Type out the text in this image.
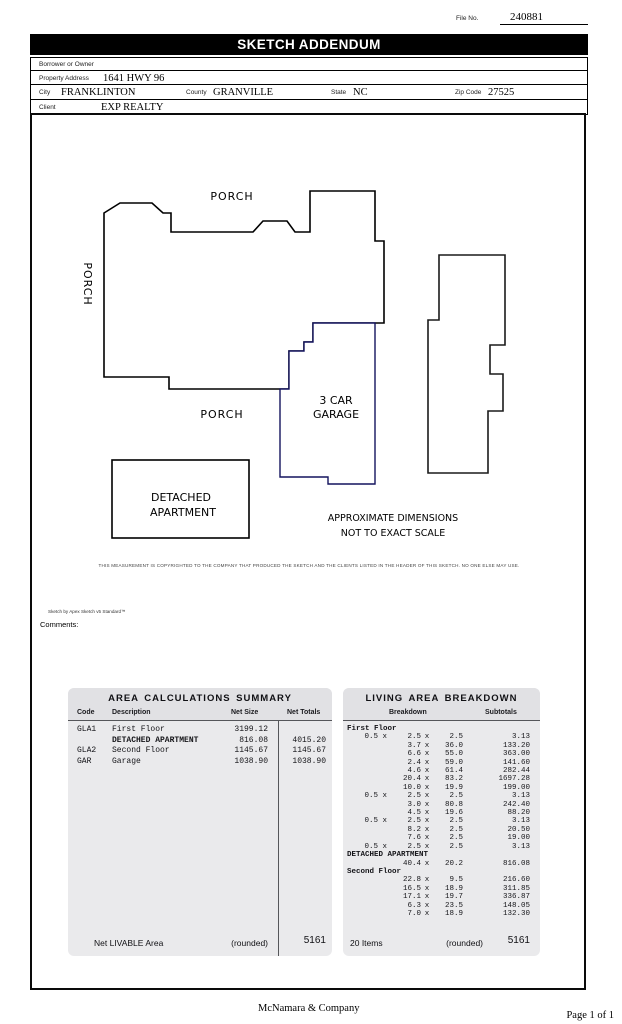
File No.	240881
SKETCH ADDENDUM
Borrower or Owner
Property Address 1641 HWY 96
City FRANKLINTON	County GRANVILLE	State NC	Zip Code 27525
Client	EXP REALTY
PORCH
PORCH
PORCH
3 CAR
GARAGE
DETACHED
APARTMENT	APPROXIMATE DIMENSIONS
NOT TO EXACT SCALE
THIS MEASUREMENT IS COPYRIGHTED TO THE COMPANY THAT PRODUCED THE SKETCH AND THE CLIENTS LISTED IN THE HEADER OF THIS SKETCH. NO ONE ELSE MAY USE.
Sketch by Apex Sketch v5 Standard™
Comments:
AREA CALCULATIONS SUMMARY
Code	Description	Net Size	Net Totals
GLA1	First Floor	3199.12
DETACHED APARTMENT	816.08	4015.20
GLA2	Second Floor	1145.67	1145.67
GAR	Garage	1038.90	1038.90
Net LIVABLE Area	(rounded)	5161
LIVING AREA BREAKDOWN
Breakdown	Subtotals
First Floor
0.5 x	2.5 x	2.5	3.13
3.7 x	36.0	133.20
6.6 x	55.0	363.00
2.4 x	59.0	141.60
4.6 x	61.4	282.44
20.4 x	83.2	1697.28
10.0 x	19.9	199.00
0.5 x	2.5 x	2.5	3.13
3.0 x	80.8	242.40
4.5 x	19.6	88.20
0.5 x	2.5 x	2.5	3.13
8.2 x	2.5	20.50
7.6 x	2.5	19.00
0.5 x	2.5 x	2.5	3.13
DETACHED APARTMENT
40.4 x	20.2	816.08
Second Floor
22.8 x	9.5	216.60
16.5 x	18.9	311.85
17.1 x	19.7	336.87
6.3 x	23.5	148.05
7.0 x	18.9	132.30
20 Items	(rounded) 5161
McNamara & Company
Page 1 of 1
